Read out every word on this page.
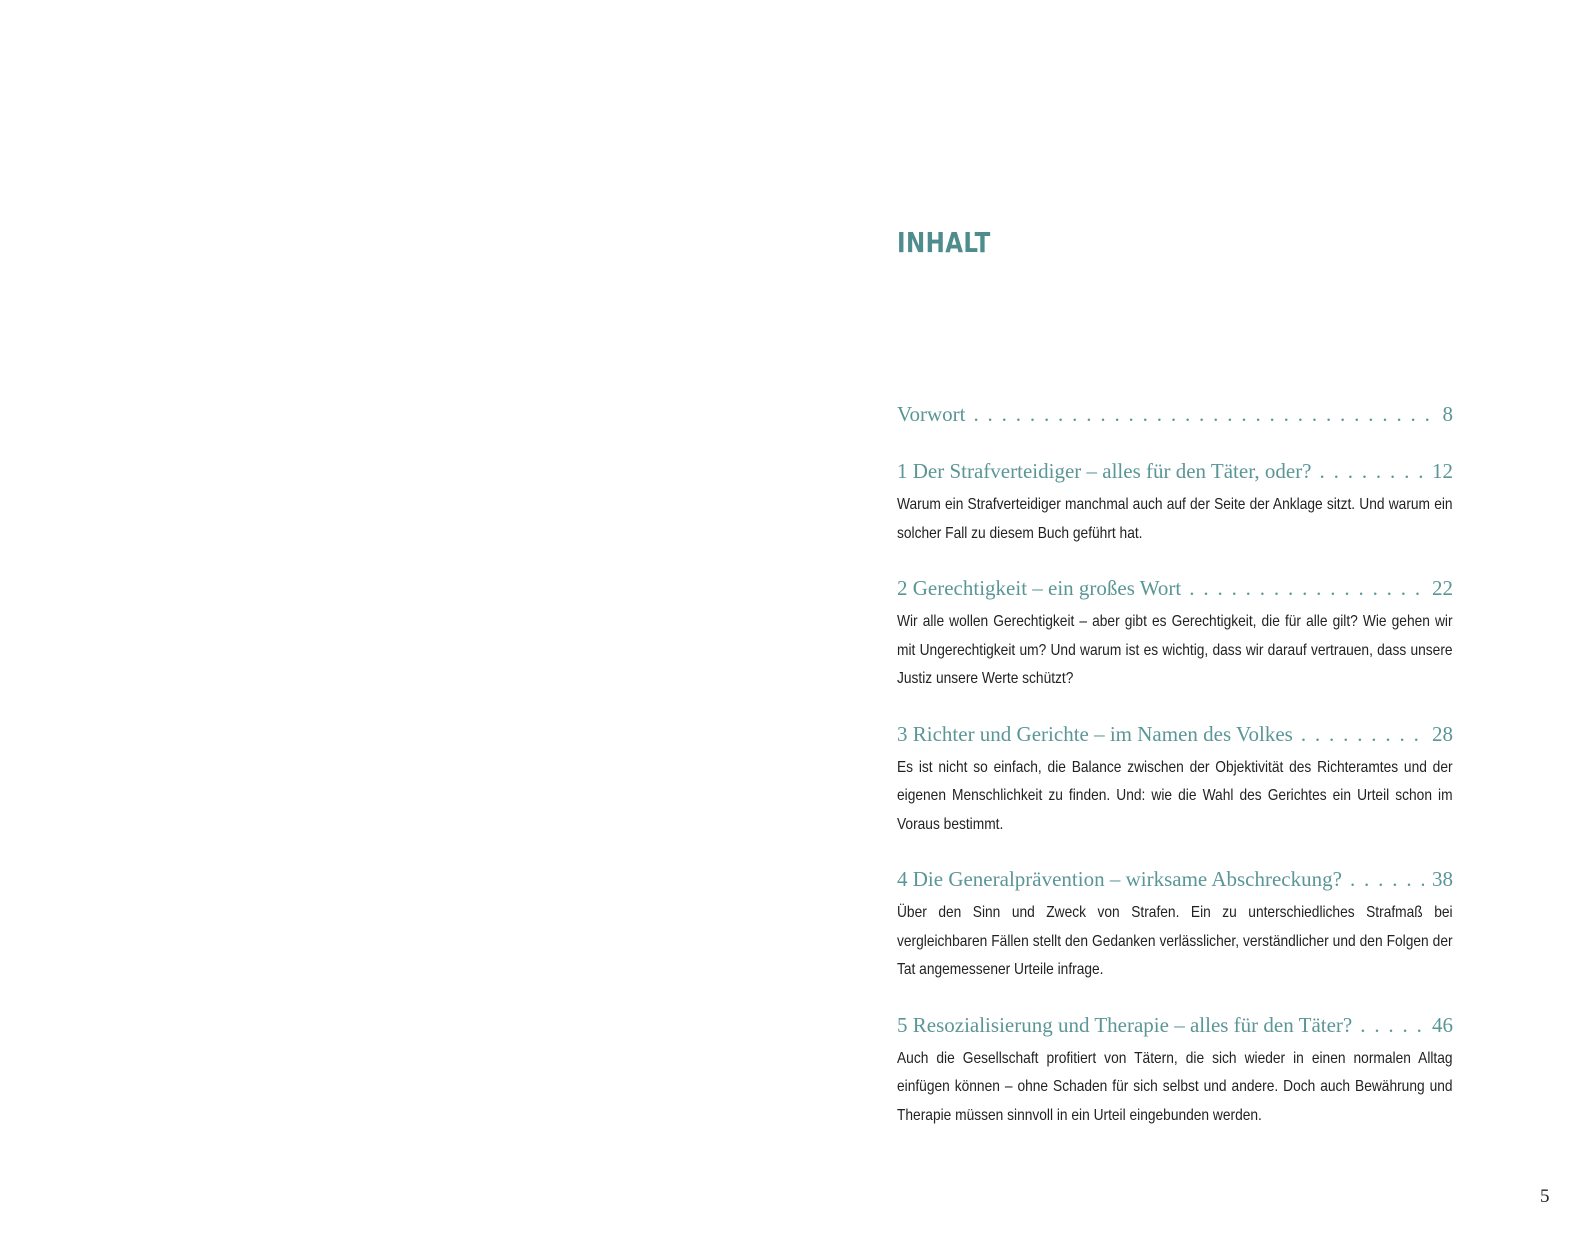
INHALT
Vorwort . . .	8
1 Der Strafverteidiger – alles für den Täter, oder? . . .	12

Warum ein Strafverteidiger manchmal auch auf der Seite der Anklage sitzt. Und warum ein solcher Fall zu diesem Buch geführt hat.

2 Gerechtigkeit – ein großes Wort . . .	22

Wir alle wollen Gerechtigkeit – aber gibt es Gerechtigkeit, die für alle gilt? Wie gehen wir mit Ungerechtigkeit um? Und warum ist es wichtig, dass wir darauf vertrauen, dass unsere Justiz unsere Werte schützt?

3 Richter und Gerichte – im Namen des Volkes . . .	28

Es ist nicht so einfach, die Balance zwischen der Objektivität des Richteramtes und der eigenen Menschlichkeit zu finden. Und: wie die Wahl des Gerichtes ein Urteil schon im Voraus bestimmt.

4 Die Generalprävention – wirksame Abschreckung? . . .	38

Über den Sinn und Zweck von Strafen. Ein zu unterschiedliches Strafmaß bei vergleichbaren Fällen stellt den Gedanken verlässlicher, verständlicher und den Folgen der Tat angemessener Urteile infrage.

5 Resozialisierung und Therapie – alles für den Täter? . . .	46

Auch die Gesellschaft profitiert von Tätern, die sich wieder in einen normalen Alltag einfügen können – ohne Schaden für sich selbst und andere. Doch auch Bewährung und Therapie müssen sinnvoll in ein Urteil eingebunden werden.

5
